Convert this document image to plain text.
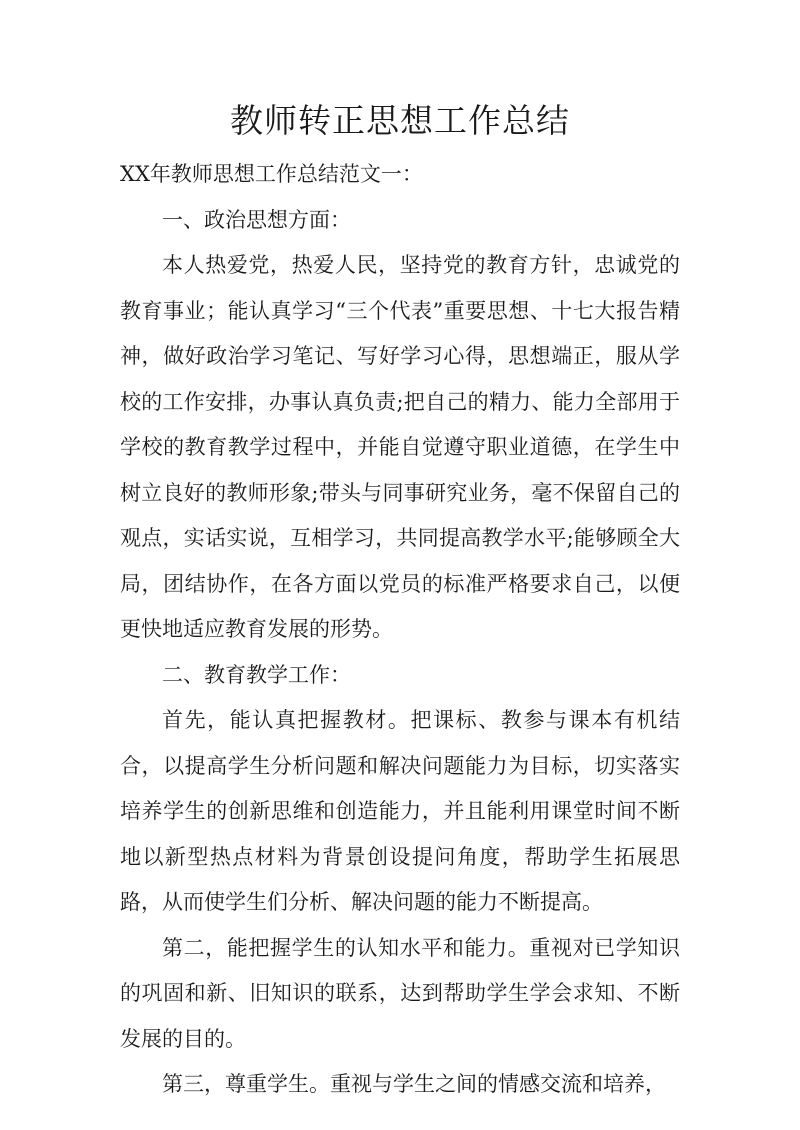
教师转正思想工作总结

XX年教师思想工作总结范文一：

一、政治思想方面：

本人热爱党，热爱人民，坚持党的教育方针，忠诚党的教育事业；能认真学习“三个代表”重要思想、十七大报告精神，做好政治学习笔记、写好学习心得，思想端正，服从学校的工作安排，办事认真负责;把自己的精力、能力全部用于学校的教育教学过程中，并能自觉遵守职业道德，在学生中树立良好的教师形象;带头与同事研究业务，毫不保留自己的观点，实话实说，互相学习，共同提高教学水平;能够顾全大局，团结协作，在各方面以党员的标准严格要求自己，以便更快地适应教育发展的形势。

二、教育教学工作：

首先，能认真把握教材。把课标、教参与课本有机结合，以提高学生分析问题和解决问题能力为目标，切实落实培养学生的创新思维和创造能力，并且能利用课堂时间不断地以新型热点材料为背景创设提问角度，帮助学生拓展思路，从而使学生们分析、解决问题的能力不断提高。

第二，能把握学生的认知水平和能力。重视对已学知识的巩固和新、旧知识的联系，达到帮助学生学会求知、不断发展的目的。

第三，尊重学生。重视与学生之间的情感交流和培养，
